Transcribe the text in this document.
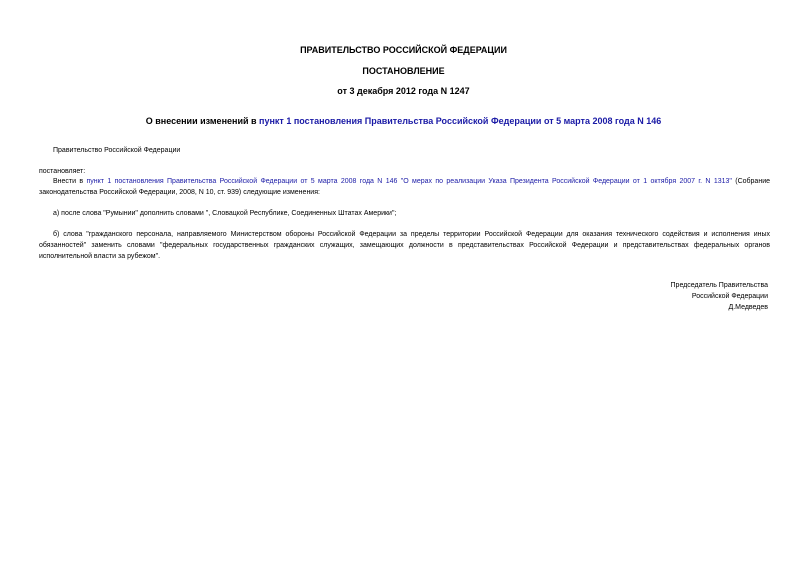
ПРАВИТЕЛЬСТВО РОССИЙСКОЙ ФЕДЕРАЦИИ
ПОСТАНОВЛЕНИЕ
от 3 декабря 2012 года N 1247
О внесении изменений в пункт 1 постановления Правительства Российской Федерации от 5 марта 2008 года N 146
Правительство Российской Федерации
постановляет:
Внести в пункт 1 постановления Правительства Российской Федерации от 5 марта 2008 года N 146 "О мерах по реализации Указа Президента Российской Федерации от 1 октября 2007 г. N 1313" (Собрание законодательства Российской Федерации, 2008, N 10, ст. 939) следующие изменения:
а) после слова "Румынии" дополнить словами ", Словацкой Республике, Соединенных Штатах Америки";
б) слова "гражданского персонала, направляемого Министерством обороны Российской Федерации за пределы территории Российской Федерации для оказания технического содействия и исполнения иных обязанностей" заменить словами "федеральных государственных гражданских служащих, замещающих должности в представительствах Российской Федерации и представительствах федеральных органов исполнительной власти за рубежом".
Председатель Правительства
Российской Федерации
Д.Медведев
